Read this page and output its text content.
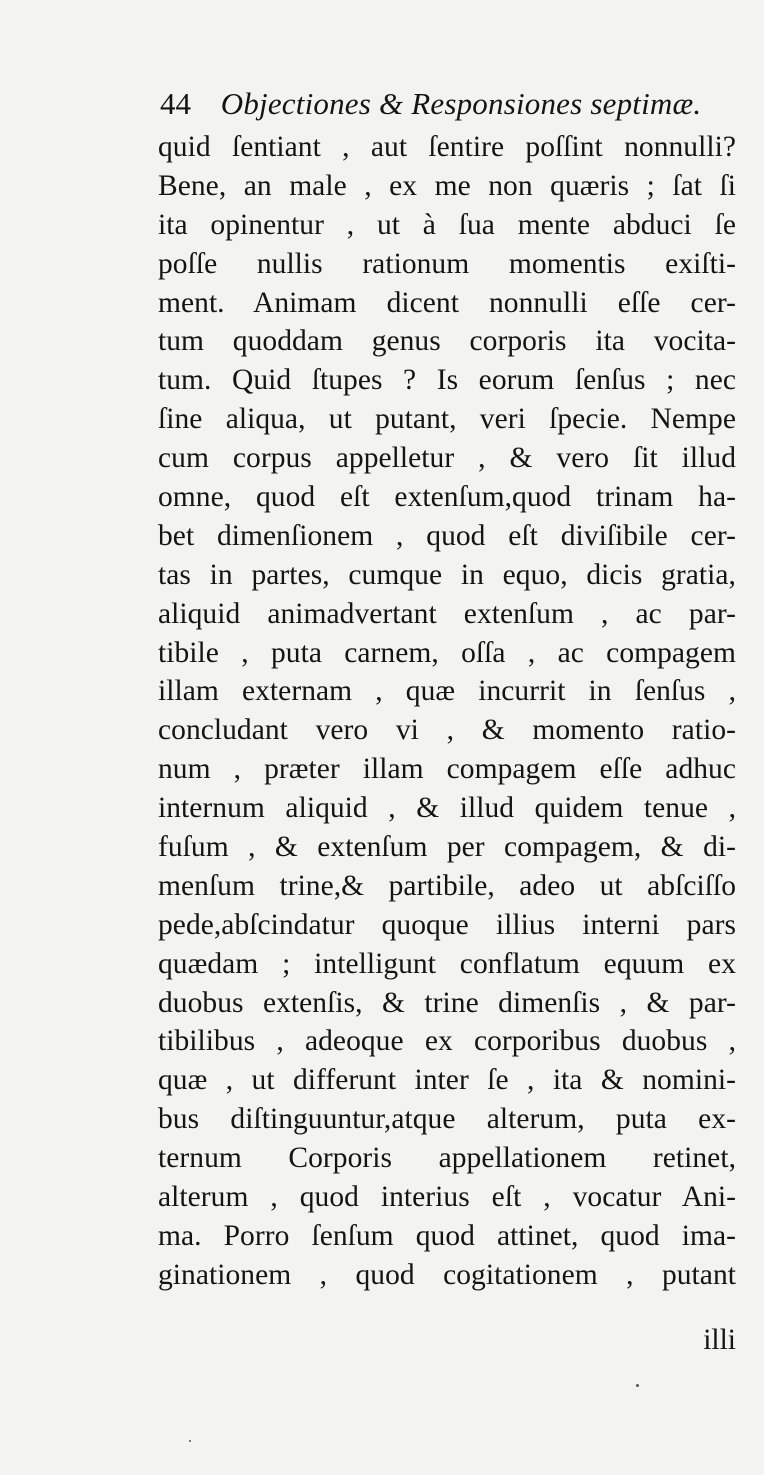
44 Objectiones & Responsiones septimæ.
quid ſentiant , aut ſentire poſſint nonnulli?
Bene, an male , ex me non quæris ; ſat ſi
ita opinentur , ut à ſua mente abduci ſe
poſſe nullis rationum momentis exiſti-
ment. Animam dicent nonnulli eſſe cer-
tum quoddam genus corporis ita vocita-
tum. Quid ſtupes ? Is eorum ſenſus ; nec
ſine aliqua, ut putant, veri ſpecie. Nempe
cum corpus appelletur , & vero ſit illud
omne, quod eſt extenſum,quod trinam ha-
bet dimenſionem , quod eſt diviſibile cer-
tas in partes, cumque in equo, dicis gratia,
aliquid animadvertant extenſum , ac par-
tibile , puta carnem, oſſa , ac compagem
illam externam , quæ incurrit in ſenſus ,
concludant vero vi , & momento ratio-
num , præter illam compagem eſſe adhuc
internum aliquid , & illud quidem tenue ,
fuſum , & extenſum per compagem, & di-
menſum trine,& partibile, adeo ut abſciſſo
pede,abſcindatur quoque illius interni pars
quædam ; intelligunt conflatum equum ex
duobus extenſis, & trine dimenſis , & par-
tibilibus , adeoque ex corporibus duobus ,
quæ , ut differunt inter ſe , ita & nomini-
bus diſtinguuntur,atque alterum, puta ex-
ternum Corporis appellationem retinet,
alterum , quod interius eſt , vocatur Ani-
ma. Porro ſenſum quod attinet, quod ima-
ginationem , quod cogitationem , putant
illi
